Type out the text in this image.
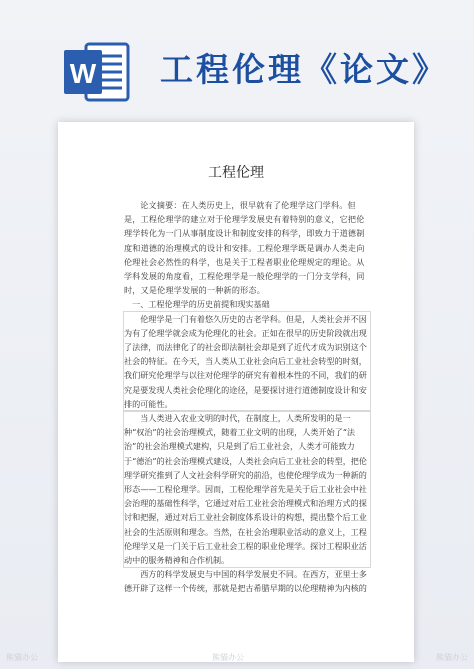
W 工程伦理《论文》
工程伦理

论文摘要：在人类历史上，很早就有了伦理学这门学科。但是，工程伦理学的建立对于伦理学发展史有着特别的意义，它把伦理学转化为一门从事制度设计和制度安排的科学，即致力于道德制度和道德的治理模式的设计和安排。工程伦理学既是调办人类走向伦理社会必然性的科学，也是关于工程者职业伦理规定的理论。从学科发展的角度看，工程伦理学是一般伦理学的一门分支学科，同时，又是伦理学发展的一种新的形态。

一、工程伦理学的历史前提和现实基础

伦理学是一门有着悠久历史的古老学科。但是，人类社会并不因为有了伦理学就会成为伦理化的社会。正如在很早的历史阶段就出现了法律，而法律化了的社会即法制社会却是到了近代才成为识别这个社会的特征。在今天，当人类从工业社会向后工业社会转型的时刻，我们研究伦理学与以往对伦理学的研究有着根本性的不同，我们的研究是要发现人类社会伦理化的途径，是要探讨进行道德制度设计和安排的可能性。

当人类进入农业文明的时代，在制度上，人类所发明的是一种“权治”的社会治理模式，随着工业文明的出现，人类开始了“法治”的社会治理模式建构，只是到了后工业社会，人类才可能致力于“德治”的社会治理模式建设，人类社会向后工业社会的转型，把伦理学研究推到了人文社会科学研究的前沿，也使伦理学成为一种新的形态——工程伦理学。因而，工程伦理学首先是关于后工业社会中社会治理的基础性科学，它通过对后工业社会治理模式和治理方式的探讨和把握，通过对后工业社会制度体系设计的构想，提出整个后工业社会的生活原则和理念。当然，在社会治理职业活动的意义上，工程伦理学又是一门关于后工业社会工程的职业伦理学。探讨工程职业活动中的服务精神和合作机制。

西方的科学发展史与中国的科学发展史不同。在西方，亚里士多德开辟了这样一个传统，那就是把古希腊早期的以伦理精神为内核的

熊猫办公	熊猫办公	熊猫办公
